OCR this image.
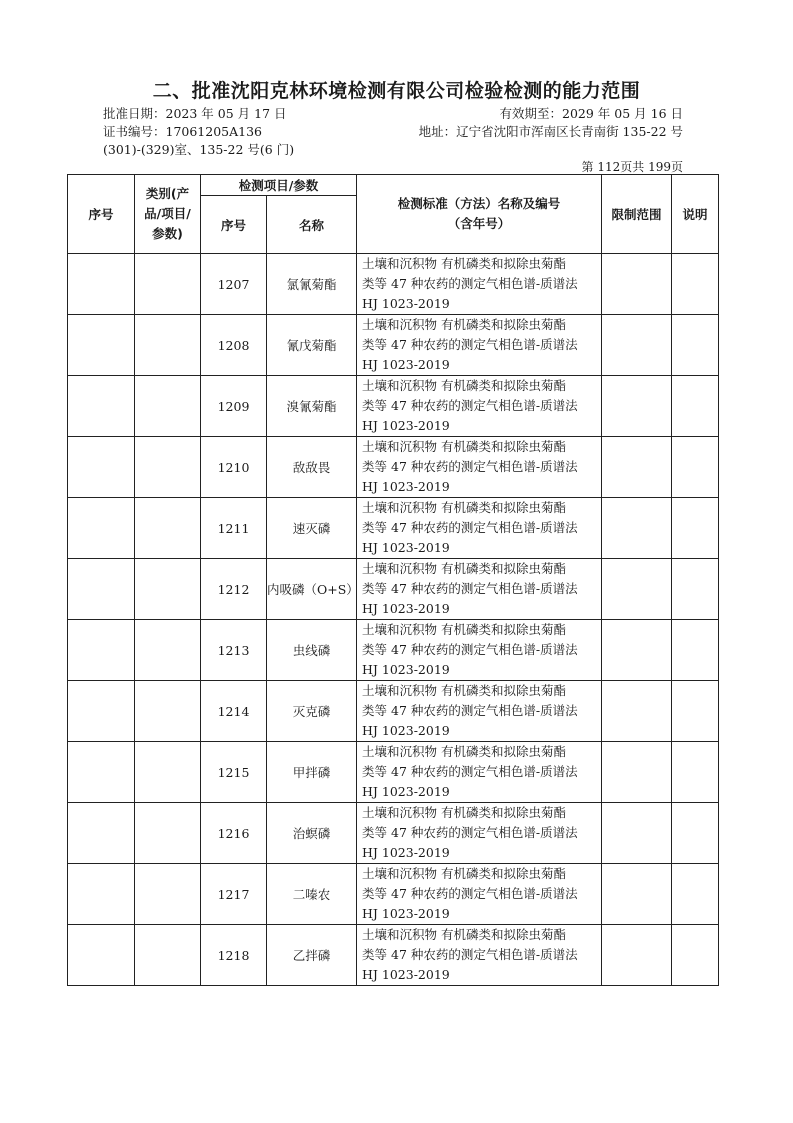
二、批准沈阳克林环境检测有限公司检验检测的能力范围
批准日期：2023 年 05 月 17 日	有效期至：2029 年 05 月 16 日
证书编号：17061205A136	地址：辽宁省沈阳市浑南区长青南街 135-22 号
(301)-(329)室、135-22 号(6 门)
第 112页共 199页
序号	类别(产品/项目/参数)	检测项目/参数		检测标准（方法）名称及编号（含年号）	限制范围	说明
		序号	名称			
		1207	氯氰菊酯	土壤和沉积物 有机磷类和拟除虫菊酯
类等 47 种农药的测定气相色谱-质谱法
HJ 1023-2019		

		1208	氰戊菊酯	土壤和沉积物 有机磷类和拟除虫菊酯
类等 47 种农药的测定气相色谱-质谱法
HJ 1023-2019		

		1209	溴氰菊酯	土壤和沉积物 有机磷类和拟除虫菊酯
类等 47 种农药的测定气相色谱-质谱法
HJ 1023-2019		

		1210	敌敌畏	土壤和沉积物 有机磷类和拟除虫菊酯
类等 47 种农药的测定气相色谱-质谱法
HJ 1023-2019		

		1211	速灭磷	土壤和沉积物 有机磷类和拟除虫菊酯
类等 47 种农药的测定气相色谱-质谱法
HJ 1023-2019		

		1212	内吸磷（O+S）	土壤和沉积物 有机磷类和拟除虫菊酯
类等 47 种农药的测定气相色谱-质谱法
HJ 1023-2019		

		1213	虫线磷	土壤和沉积物 有机磷类和拟除虫菊酯
类等 47 种农药的测定气相色谱-质谱法
HJ 1023-2019		

		1214	灭克磷	土壤和沉积物 有机磷类和拟除虫菊酯
类等 47 种农药的测定气相色谱-质谱法
HJ 1023-2019		

		1215	甲拌磷	土壤和沉积物 有机磷类和拟除虫菊酯
类等 47 种农药的测定气相色谱-质谱法
HJ 1023-2019		

		1216	治螟磷	土壤和沉积物 有机磷类和拟除虫菊酯
类等 47 种农药的测定气相色谱-质谱法
HJ 1023-2019		

		1217	二嗪农	土壤和沉积物 有机磷类和拟除虫菊酯
类等 47 种农药的测定气相色谱-质谱法
HJ 1023-2019		

		1218	乙拌磷	土壤和沉积物 有机磷类和拟除虫菊酯
类等 47 种农药的测定气相色谱-质谱法
HJ 1023-2019		
